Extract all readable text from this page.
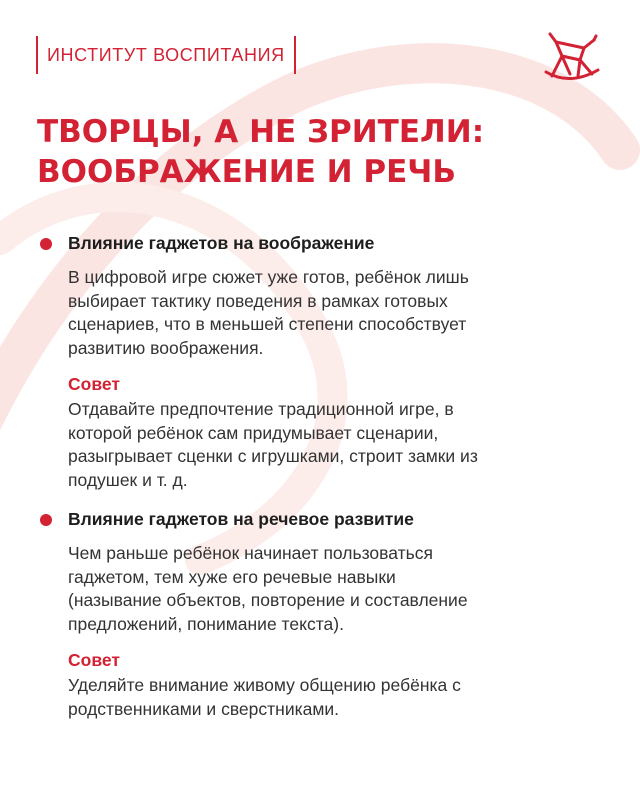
ИНСТИТУТ ВОСПИТАНИЯ
ТВОРЦЫ, А НЕ ЗРИТЕЛИ:
ВООБРАЖЕНИЕ И РЕЧЬ

Влияние гаджетов на воображение

В цифровой игре сюжет уже готов, ребёнок лишь
выбирает тактику поведения в рамках готовых
сценариев, что в меньшей степени способствует
развитию воображения.

Совет

Отдавайте предпочтение традиционной игре, в
которой ребёнок сам придумывает сценарии,
разыгрывает сценки с игрушками, строит замки из
подушек и т. д.

Влияние гаджетов на речевое развитие

Чем раньше ребёнок начинает пользоваться
гаджетом, тем хуже его речевые навыки
(называние объектов, повторение и составление
предложений, понимание текста).

Совет

Уделяйте внимание живому общению ребёнка с
родственниками и сверстниками.
